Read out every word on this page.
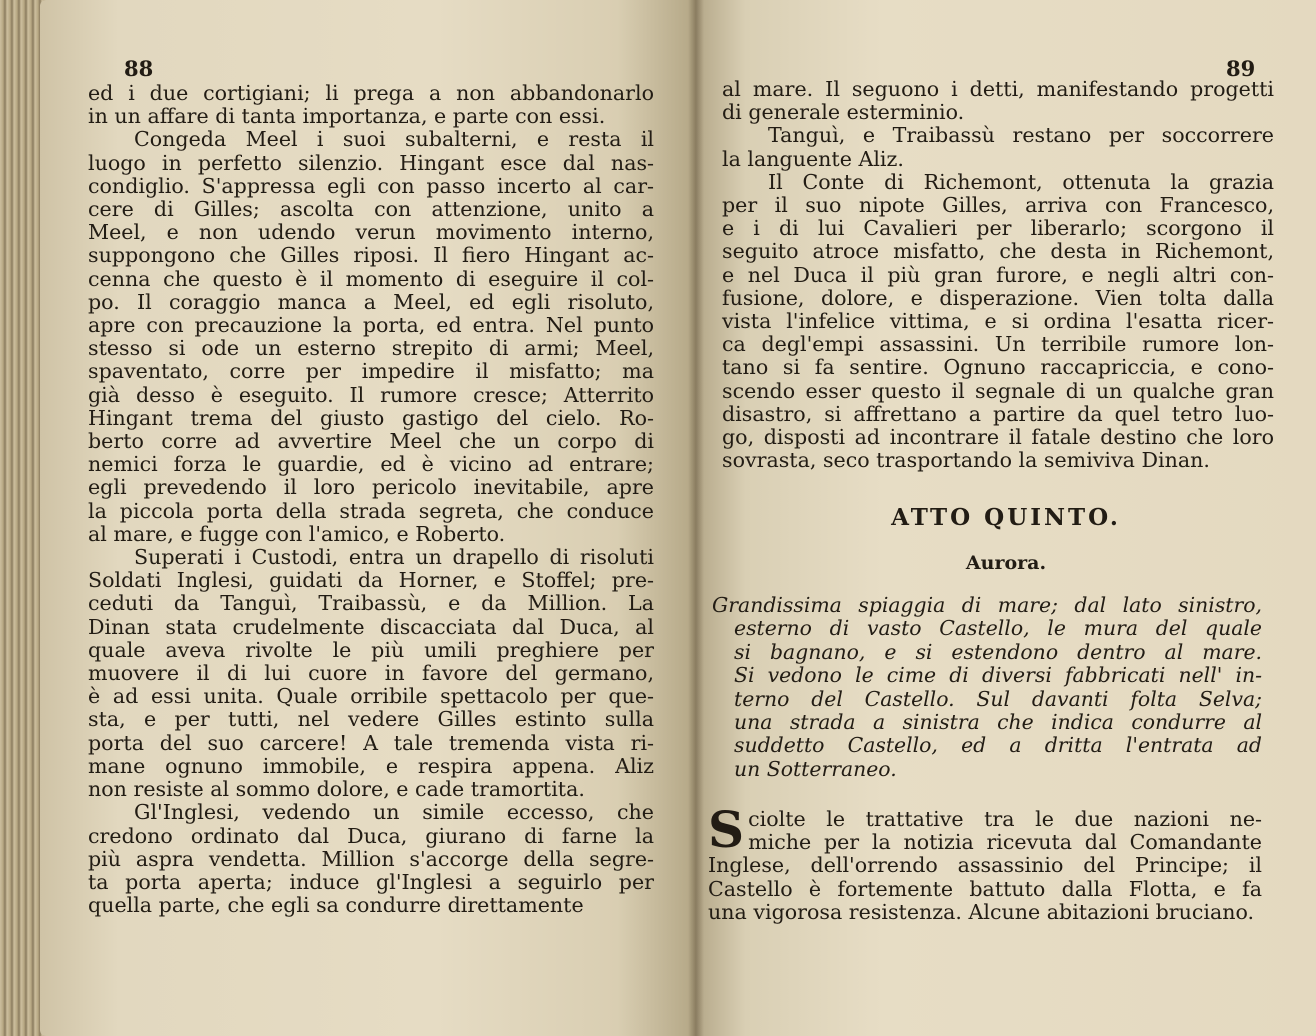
88

ed i due cortigiani; li prega a non abbandonarlo
in un affare di tanta importanza, e parte con essi.

Congeda Meel i suoi subalterni, e resta il
luogo in perfetto silenzio. Hingant esce dal nas-
condiglio. S'appressa egli con passo incerto al car-
cere di Gilles; ascolta con attenzione, unito a
Meel, e non udendo verun movimento interno,
suppongono che Gilles riposi. Il fiero Hingant ac-
cenna che questo è il momento di eseguire il col-
po. Il coraggio manca a Meel, ed egli risoluto,
apre con precauzione la porta, ed entra. Nel punto
stesso si ode un esterno strepito di armi; Meel,
spaventato, corre per impedire il misfatto; ma
già desso è eseguito. Il rumore cresce; Atterrito
Hingant trema del giusto gastigo del cielo. Ro-
berto corre ad avvertire Meel che un corpo di
nemici forza le guardie, ed è vicino ad entrare;
egli prevedendo il loro pericolo inevitabile, apre
la piccola porta della strada segreta, che conduce
al mare, e fugge con l'amico, e Roberto.

Superati i Custodi, entra un drapello di risoluti
Soldati Inglesi, guidati da Horner, e Stoffel; pre-
ceduti da Tanguì, Traibassù, e da Million. La
Dinan stata crudelmente discacciata dal Duca, al
quale aveva rivolte le più umili preghiere per
muovere il di lui cuore in favore del germano,
è ad essi unita. Quale orribile spettacolo per que-
sta, e per tutti, nel vedere Gilles estinto sulla
porta del suo carcere! A tale tremenda vista ri-
mane ognuno immobile, e respira appena. Aliz
non resiste al sommo dolore, e cade tramortita.

Gl'Inglesi, vedendo un simile eccesso, che
credono ordinato dal Duca, giurano di farne la
più aspra vendetta. Million s'accorge della segre-
ta porta aperta; induce gl'Inglesi a seguirlo per
quella parte, che egli sa condurre direttamente

89

al mare. Il seguono i detti, manifestando progetti
di generale esterminio.

Tanguì, e Traibassù restano per soccorrere
la languente Aliz.

Il Conte di Richemont, ottenuta la grazia
per il suo nipote Gilles, arriva con Francesco,
e i di lui Cavalieri per liberarlo; scorgono il
seguito atroce misfatto, che desta in Richemont,
e nel Duca il più gran furore, e negli altri con-
fusione, dolore, e disperazione. Vien tolta dalla
vista l'infelice vittima, e si ordina l'esatta ricer-
ca degl'empi assassini. Un terribile rumore lon-
tano si fa sentire. Ognuno raccapriccia, e cono-
scendo esser questo il segnale di un qualche gran
disastro, si affrettano a partire da quel tetro luo-
go, disposti ad incontrare il fatale destino che loro
sovrasta, seco trasportando la semiviva Dinan.

ATTO QUINTO.
Aurora.
Grandissima spiaggia di mare; dal lato sinistro,
esterno di vasto Castello, le mura del quale
si bagnano, e si estendono dentro al mare.
Si vedono le cime di diversi fabbricati nell' in-
terno del Castello. Sul davanti folta Selva;
una strada a sinistra che indica condurre al
suddetto Castello, ed a dritta l'entrata ad
un Sotterraneo.
S ciolte le trattative tra le due nazioni ne-
miche per la notizia ricevuta dal Comandante
Inglese, dell'orrendo assassinio del Principe; il
Castello è fortemente battuto dalla Flotta, e fa
una vigorosa resistenza. Alcune abitazioni bruciano.
